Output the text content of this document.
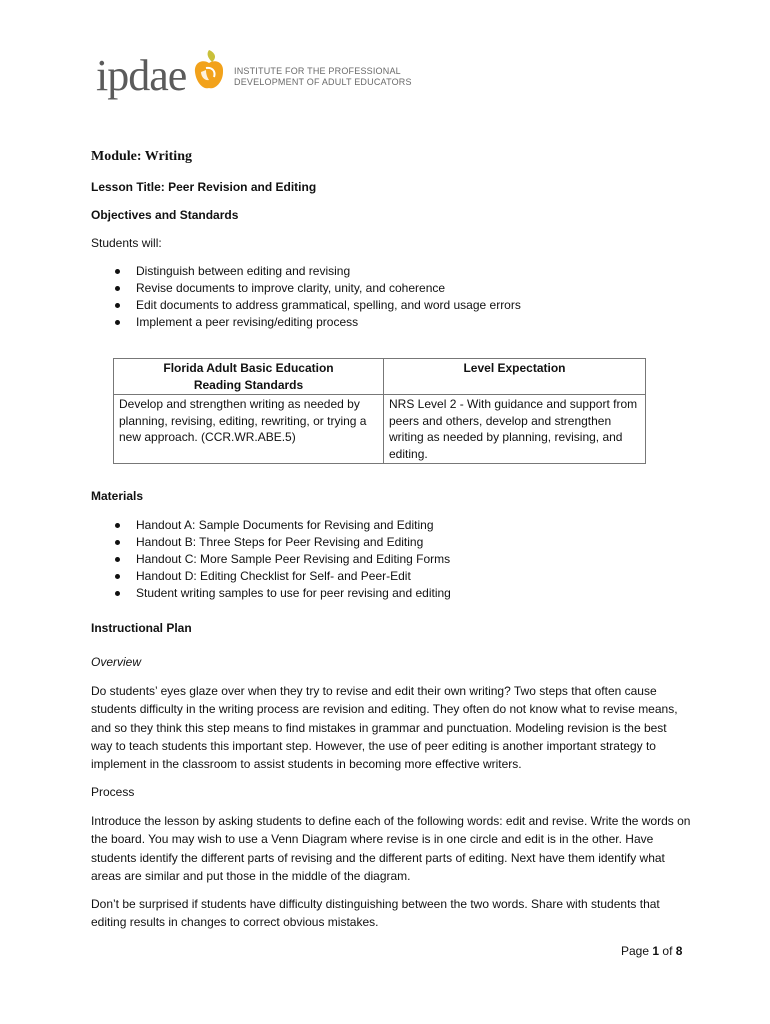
ipdae	INSTITUTE FOR THE PROFESSIONAL
DEVELOPMENT OF ADULT EDUCATORS
Module: Writing
Lesson Title: Peer Revision and Editing
Objectives and Standards
Students will:
Distinguish between editing and revising
Revise documents to improve clarity, unity, and coherence
Edit documents to address grammatical, spelling, and word usage errors
Implement a peer revising/editing process
Florida Adult Basic Education
Reading Standards	Level Expectation
Develop and strengthen writing as needed by planning, revising, editing, rewriting, or trying a new approach. (CCR.WR.ABE.5)	NRS Level 2 - With guidance and support from peers and others, develop and strengthen writing as needed by planning, revising, and editing.
Materials
Handout A: Sample Documents for Revising and Editing
Handout B: Three Steps for Peer Revising and Editing
Handout C: More Sample Peer Revising and Editing Forms
Handout D: Editing Checklist for Self- and Peer-Edit
Student writing samples to use for peer revising and editing
Instructional Plan
Overview
Do students’ eyes glaze over when they try to revise and edit their own writing? Two steps that often cause students difficulty in the writing process are revision and editing. They often do not know what to revise means, and so they think this step means to find mistakes in grammar and punctuation. Modeling revision is the best way to teach students this important step. However, the use of peer editing is another important strategy to implement in the classroom to assist students in becoming more effective writers.
Process
Introduce the lesson by asking students to define each of the following words: edit and revise. Write the words on the board. You may wish to use a Venn Diagram where revise is in one circle and edit is in the other. Have students identify the different parts of revising and the different parts of editing. Next have them identify what areas are similar and put those in the middle of the diagram.
Don’t be surprised if students have difficulty distinguishing between the two words. Share with students that editing results in changes to correct obvious mistakes.
Page 1 of 8
